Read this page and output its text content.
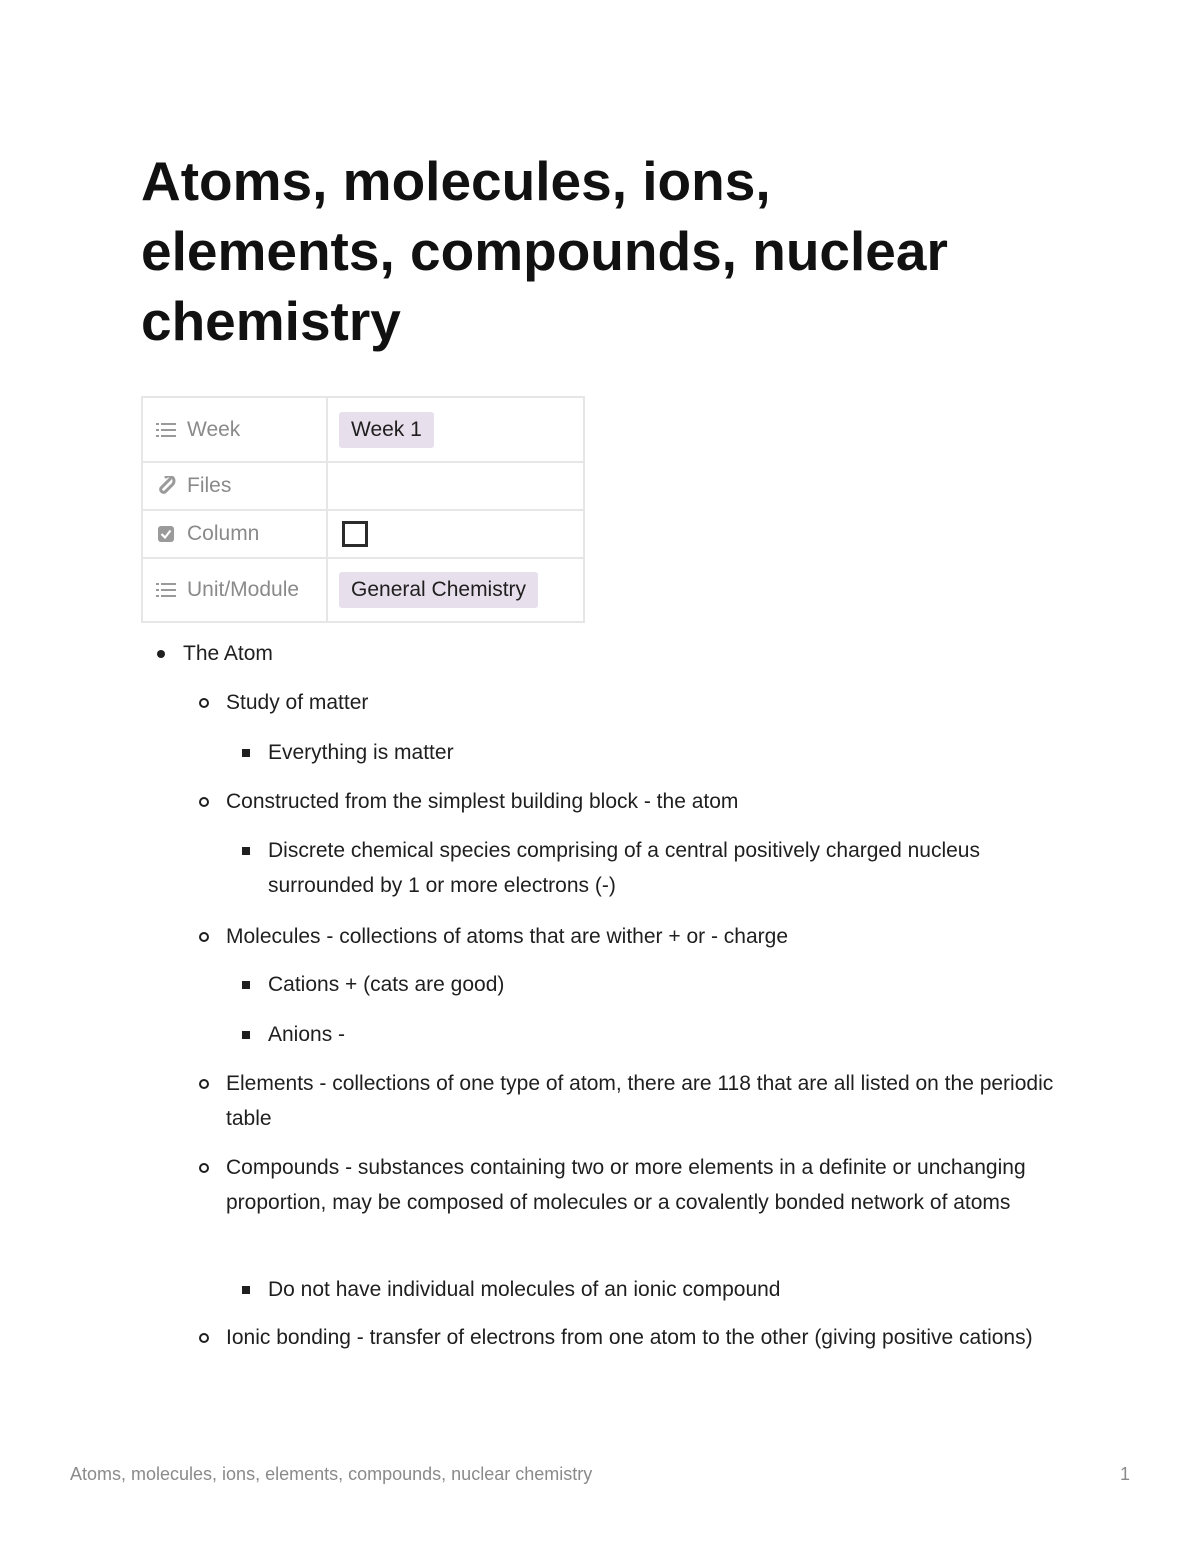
Atoms, molecules, ions,
elements, compounds, nuclear
chemistry
Week	Week 1

Files	

Column	

Unit/Module	General Chemistry
The Atom
Study of matter
Everything is matter
Constructed from the simplest building block - the atom
Discrete chemical species comprising of a central positively charged nucleus surrounded by 1 or more electrons (-)
Molecules - collections of atoms that are wither + or - charge
Cations + (cats are good)
Anions -
Elements - collections of one type of atom, there are 118 that are all listed on the periodic table
Compounds - substances containing two or more elements in a definite or unchanging proportion, may be composed of molecules or a covalently bonded network of atoms
Do not have individual molecules of an ionic compound
Ionic bonding - transfer of electrons from one atom to the other (giving positive cations)
Atoms, molecules, ions, elements, compounds, nuclear chemistry	1
